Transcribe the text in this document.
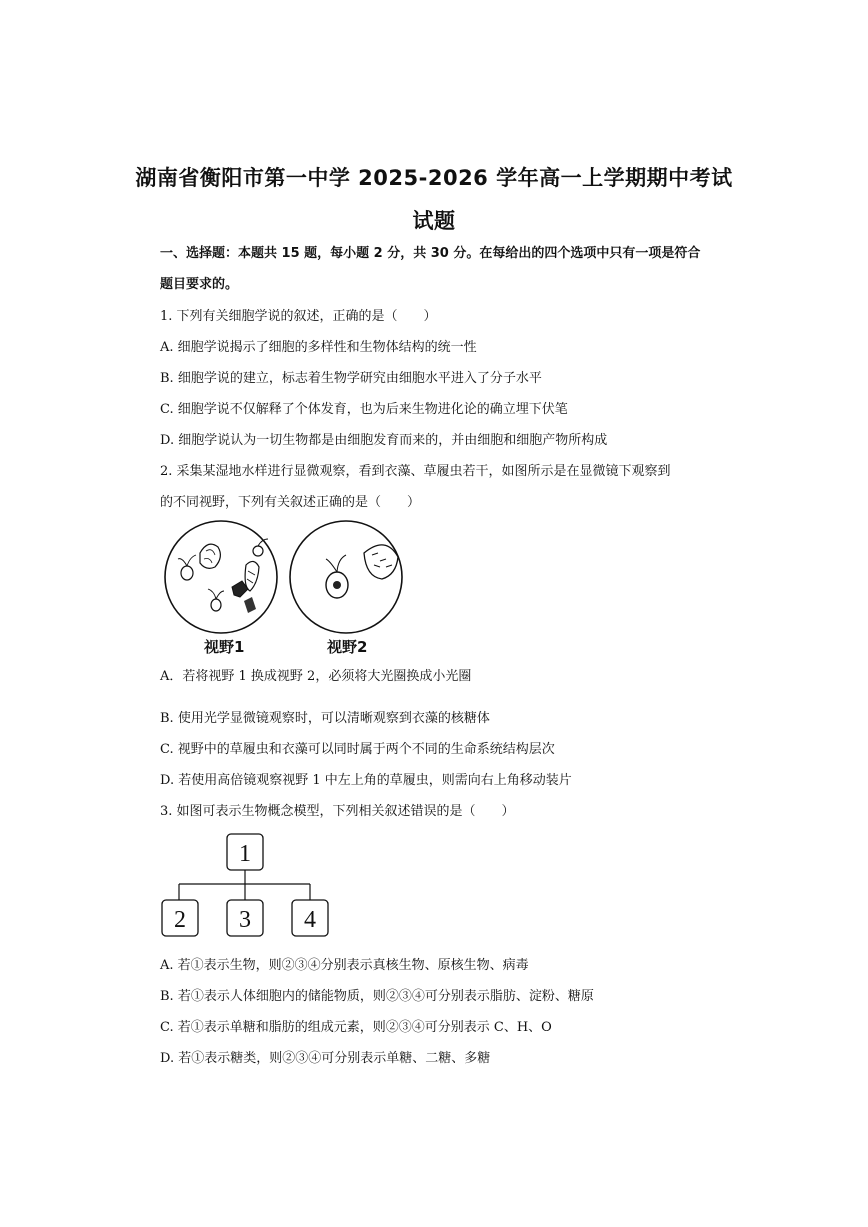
湖南省衡阳市第一中学 2025-2026 学年高一上学期期中考试
试题
一、选择题：本题共 15 题，每小题 2 分，共 30 分。在每给出的四个选项中只有一项是符合
题目要求的。
1. 下列有关细胞学说的叙述，正确的是（　　）
A. 细胞学说揭示了细胞的多样性和生物体结构的统一性
B. 细胞学说的建立，标志着生物学研究由细胞水平进入了分子水平
C. 细胞学说不仅解释了个体发育，也为后来生物进化论的确立埋下伏笔
D. 细胞学说认为一切生物都是由细胞发育而来的，并由细胞和细胞产物所构成
2. 采集某湿地水样进行显微观察，看到衣藻、草履虫若干，如图所示是在显微镜下观察到
的不同视野，下列有关叙述正确的是（　　）
视野1	视野2
A．若将视野 1 换成视野 2，必须将大光圈换成小光圈
B. 使用光学显微镜观察时，可以清晰观察到衣藻的核糖体
C. 视野中的草履虫和衣藻可以同时属于两个不同的生命系统结构层次
D. 若使用高倍镜观察视野 1 中左上角的草履虫，则需向右上角移动装片
3. 如图可表示生物概念模型，下列相关叙述错误的是（　　）
1
2 3 4
A. 若①表示生物，则②③④分别表示真核生物、原核生物、病毒
B. 若①表示人体细胞内的储能物质，则②③④可分别表示脂肪、淀粉、糖原
C. 若①表示单糖和脂肪的组成元素，则②③④可分别表示 C、H、O
D. 若①表示糖类，则②③④可分别表示单糖、二糖、多糖
